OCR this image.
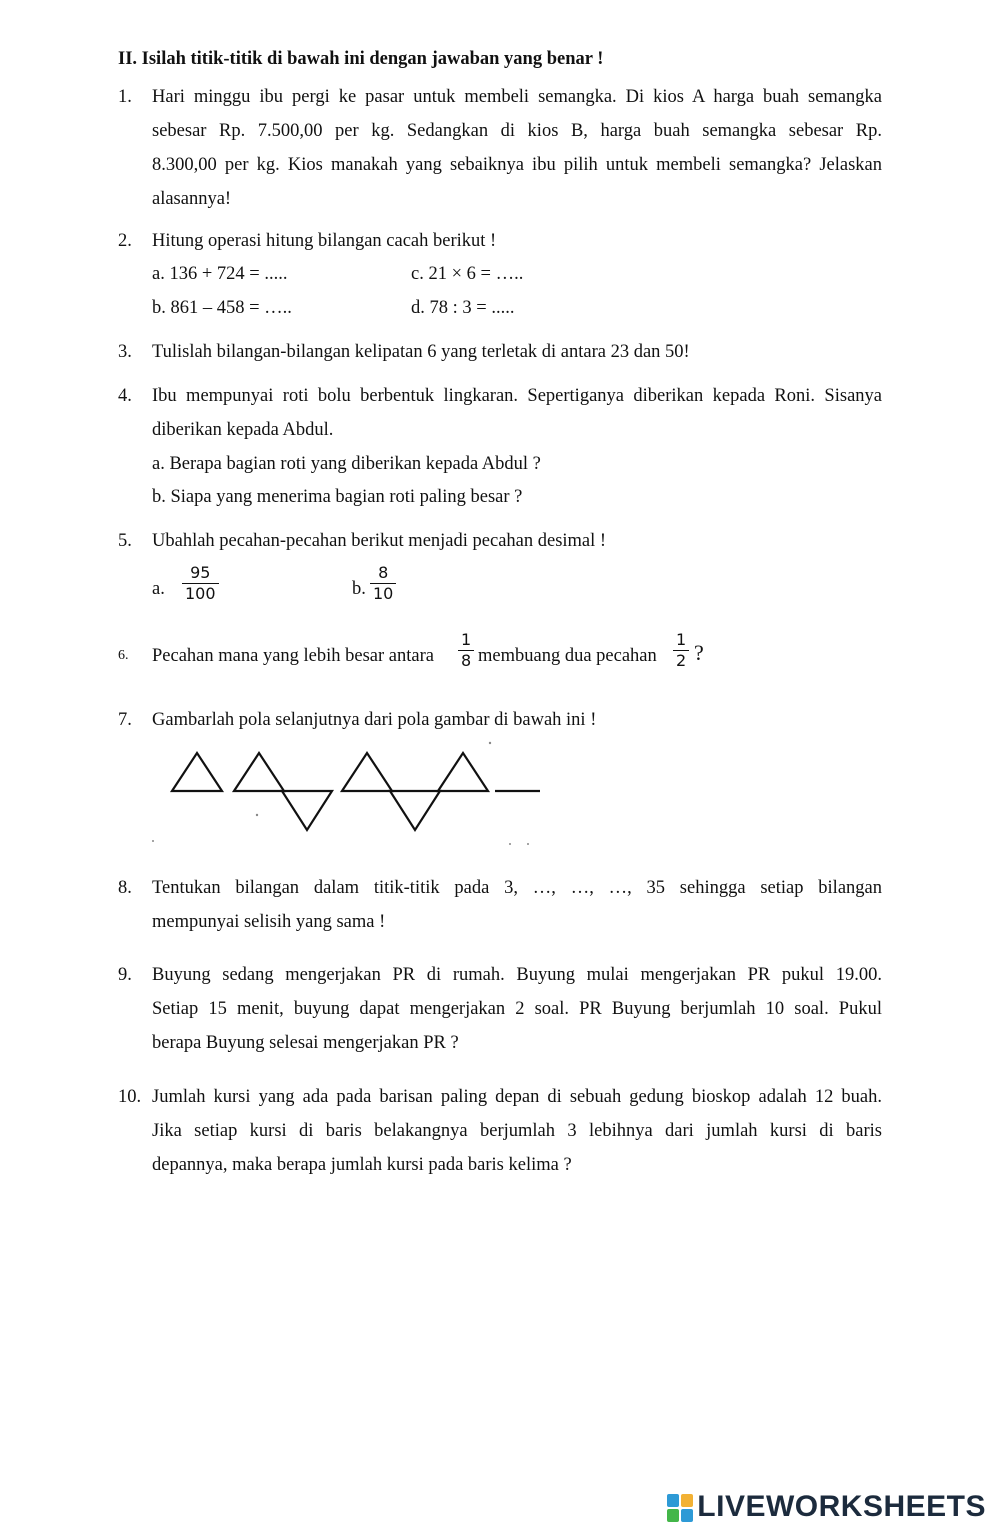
II. Isilah titik-titik di bawah ini dengan jawaban yang benar !
1. Hari minggu ibu pergi ke pasar untuk membeli semangka. Di kios A harga buah semangka
sebesar Rp. 7.500,00 per kg. Sedangkan di kios B, harga buah semangka sebesar Rp.
8.300,00 per kg. Kios manakah yang sebaiknya ibu pilih untuk membeli semangka? Jelaskan
alasannya!
2. Hitung operasi hitung bilangan cacah berikut !
a. 136 + 724 = .....	c. 21 × 6 = …..
b. 861 – 458 = …..	d. 78 : 3 = .....
3. Tulislah bilangan-bilangan kelipatan 6 yang terletak di antara 23 dan 50!
4. Ibu mempunyai roti bolu berbentuk lingkaran. Sepertiganya diberikan kepada Roni. Sisanya
diberikan kepada Abdul.
a. Berapa bagian roti yang diberikan kepada Abdul ?
b. Siapa yang menerima bagian roti paling besar ?
5. Ubahlah pecahan-pecahan berikut menjadi pecahan desimal !
a. $\frac{95}{100}$	b. $\frac{8}{10}$
6. Pecahan mana yang lebih besar antara $\frac{1}{8}$ membuang dua pecahan $\frac{1}{2}$ ?
7. Gambarlah pola selanjutnya dari pola gambar di bawah ini !
8. Tentukan bilangan dalam titik-titik pada 3, …, …, …, 35 sehingga setiap bilangan
mempunyai selisih yang sama !
9. Buyung sedang mengerjakan PR di rumah. Buyung mulai mengerjakan PR pukul 19.00.
Setiap 15 menit, buyung dapat mengerjakan 2 soal. PR Buyung berjumlah 10 soal. Pukul
berapa Buyung selesai mengerjakan PR ?
10. Jumlah kursi yang ada pada barisan paling depan di sebuah gedung bioskop adalah 12 buah.
Jika setiap kursi di baris belakangnya berjumlah 3 lebihnya dari jumlah kursi di baris
depannya, maka berapa jumlah kursi pada baris kelima ?
LIVEWORKSHEETS
